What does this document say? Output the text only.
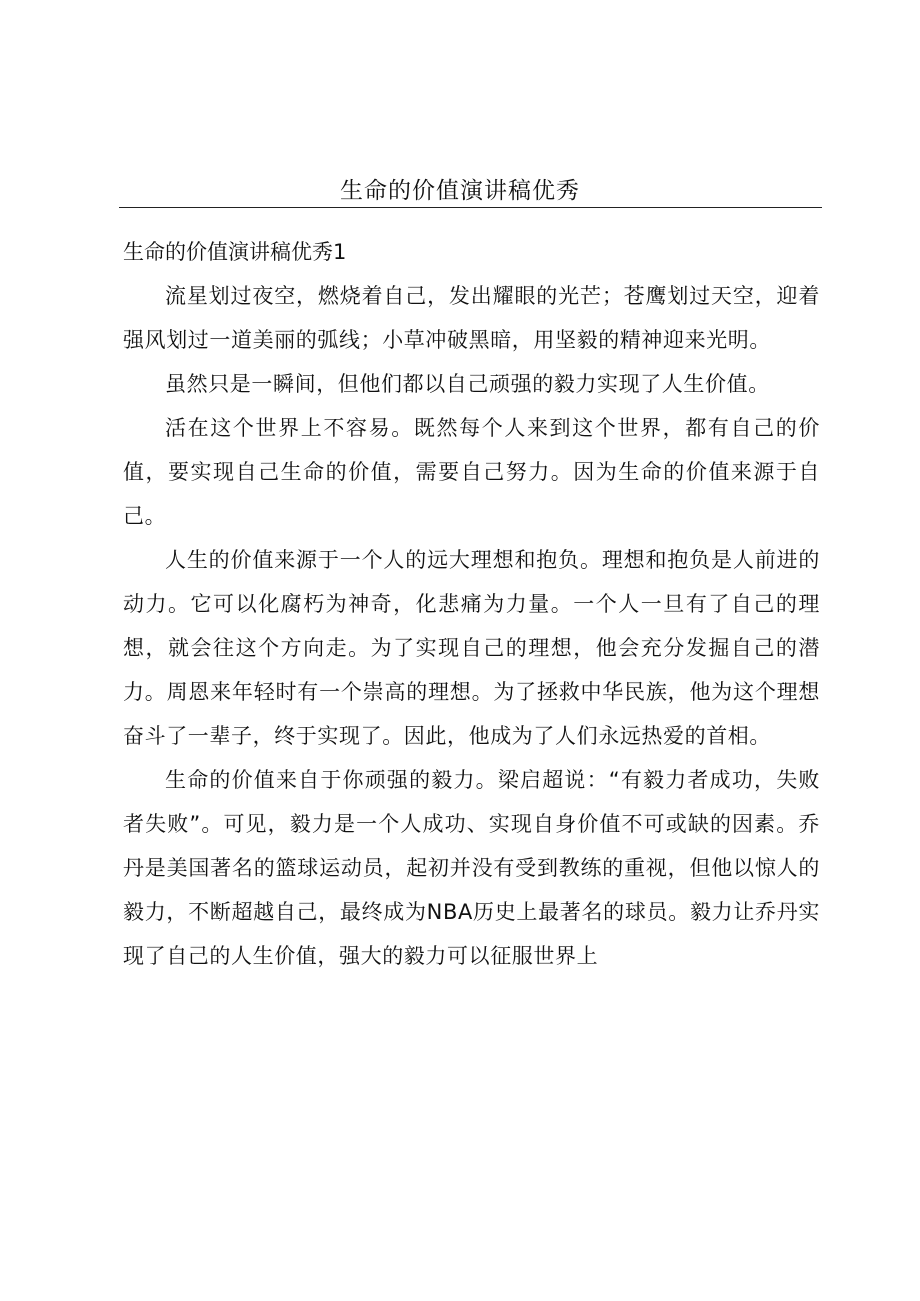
生命的价值演讲稿优秀
生命的价值演讲稿优秀1

流星划过夜空，燃烧着自己，发出耀眼的光芒；苍鹰划过天空，迎着强风划过一道美丽的弧线；小草冲破黑暗，用坚毅的精神迎来光明。

虽然只是一瞬间，但他们都以自己顽强的毅力实现了人生价值。

活在这个世界上不容易。既然每个人来到这个世界，都有自己的价值，要实现自己生命的价值，需要自己努力。因为生命的价值来源于自己。

人生的价值来源于一个人的远大理想和抱负。理想和抱负是人前进的动力。它可以化腐朽为神奇，化悲痛为力量。一个人一旦有了自己的理想，就会往这个方向走。为了实现自己的理想，他会充分发掘自己的潜力。周恩来年轻时有一个崇高的理想。为了拯救中华民族，他为这个理想奋斗了一辈子，终于实现了。因此，他成为了人们永远热爱的首相。

生命的价值来自于你顽强的毅力。梁启超说：“有毅力者成功，失败者失败”。可见，毅力是一个人成功、实现自身价值不可或缺的因素。乔丹是美国著名的篮球运动员，起初并没有受到教练的重视，但他以惊人的毅力，不断超越自己，最终成为NBA历史上最著名的球员。毅力让乔丹实现了自己的人生价值，强大的毅力可以征服世界上
